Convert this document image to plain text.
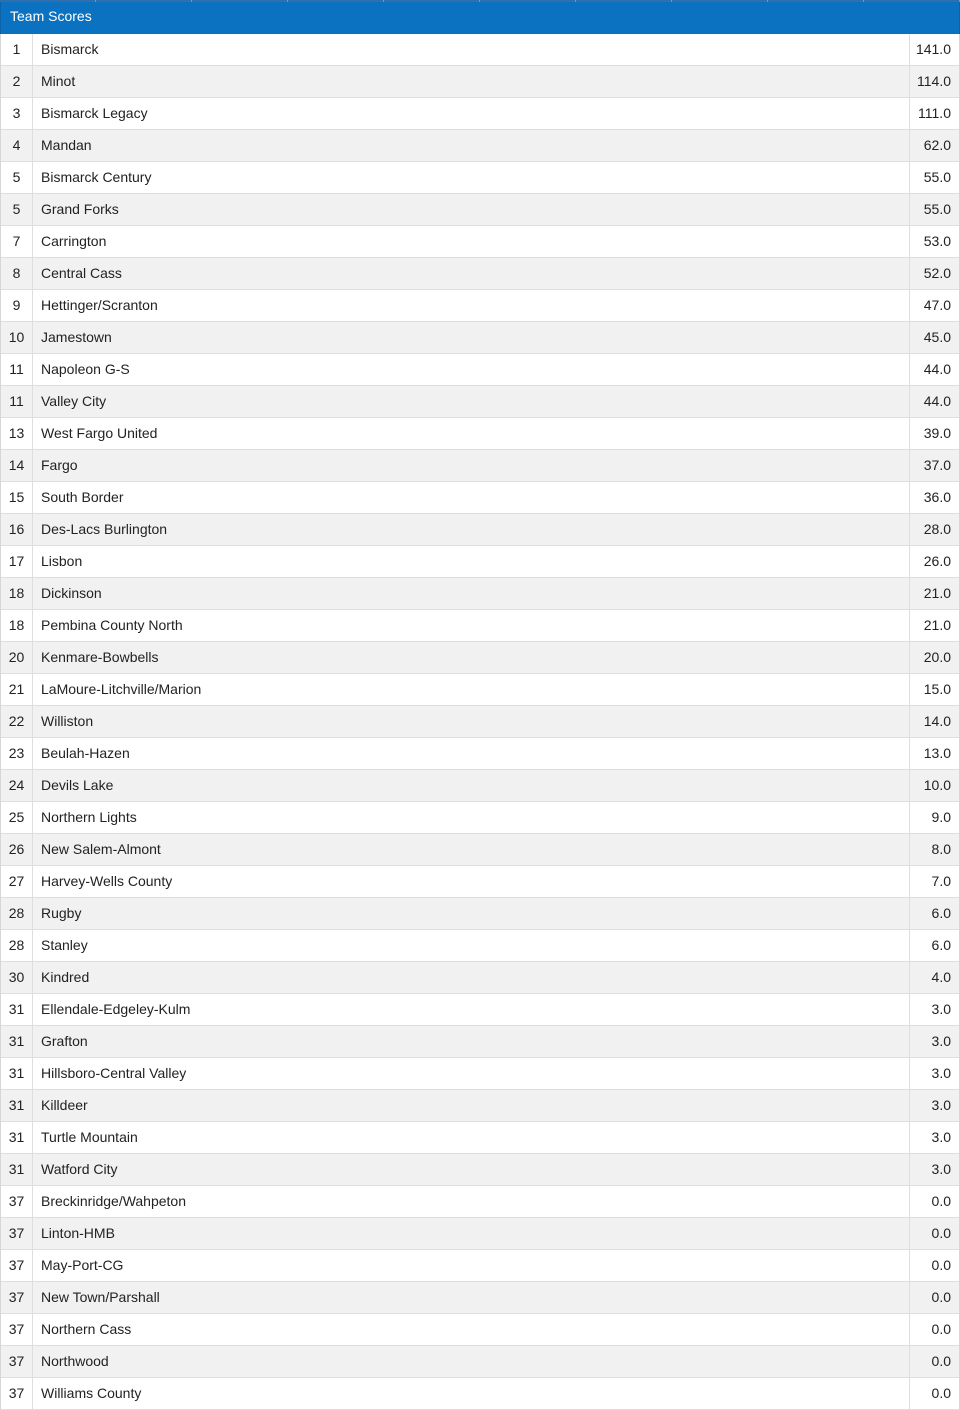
Team Scores
1	Bismarck	141.0
2	Minot	114.0
3	Bismarck Legacy	111.0
4	Mandan	62.0
5	Bismarck Century	55.0
5	Grand Forks	55.0
7	Carrington	53.0
8	Central Cass	52.0
9	Hettinger/Scranton	47.0
10	Jamestown	45.0
11	Napoleon G-S	44.0
11	Valley City	44.0
13	West Fargo United	39.0
14	Fargo	37.0
15	South Border	36.0
16	Des-Lacs Burlington	28.0
17	Lisbon	26.0
18	Dickinson	21.0
18	Pembina County North	21.0
20	Kenmare-Bowbells	20.0
21	LaMoure-Litchville/Marion	15.0
22	Williston	14.0
23	Beulah-Hazen	13.0
24	Devils Lake	10.0
25	Northern Lights	9.0
26	New Salem-Almont	8.0
27	Harvey-Wells County	7.0
28	Rugby	6.0
28	Stanley	6.0
30	Kindred	4.0
31	Ellendale-Edgeley-Kulm	3.0
31	Grafton	3.0
31	Hillsboro-Central Valley	3.0
31	Killdeer	3.0
31	Turtle Mountain	3.0
31	Watford City	3.0
37	Breckinridge/Wahpeton	0.0
37	Linton-HMB	0.0
37	May-Port-CG	0.0
37	New Town/Parshall	0.0
37	Northern Cass	0.0
37	Northwood	0.0
37	Williams County	0.0
